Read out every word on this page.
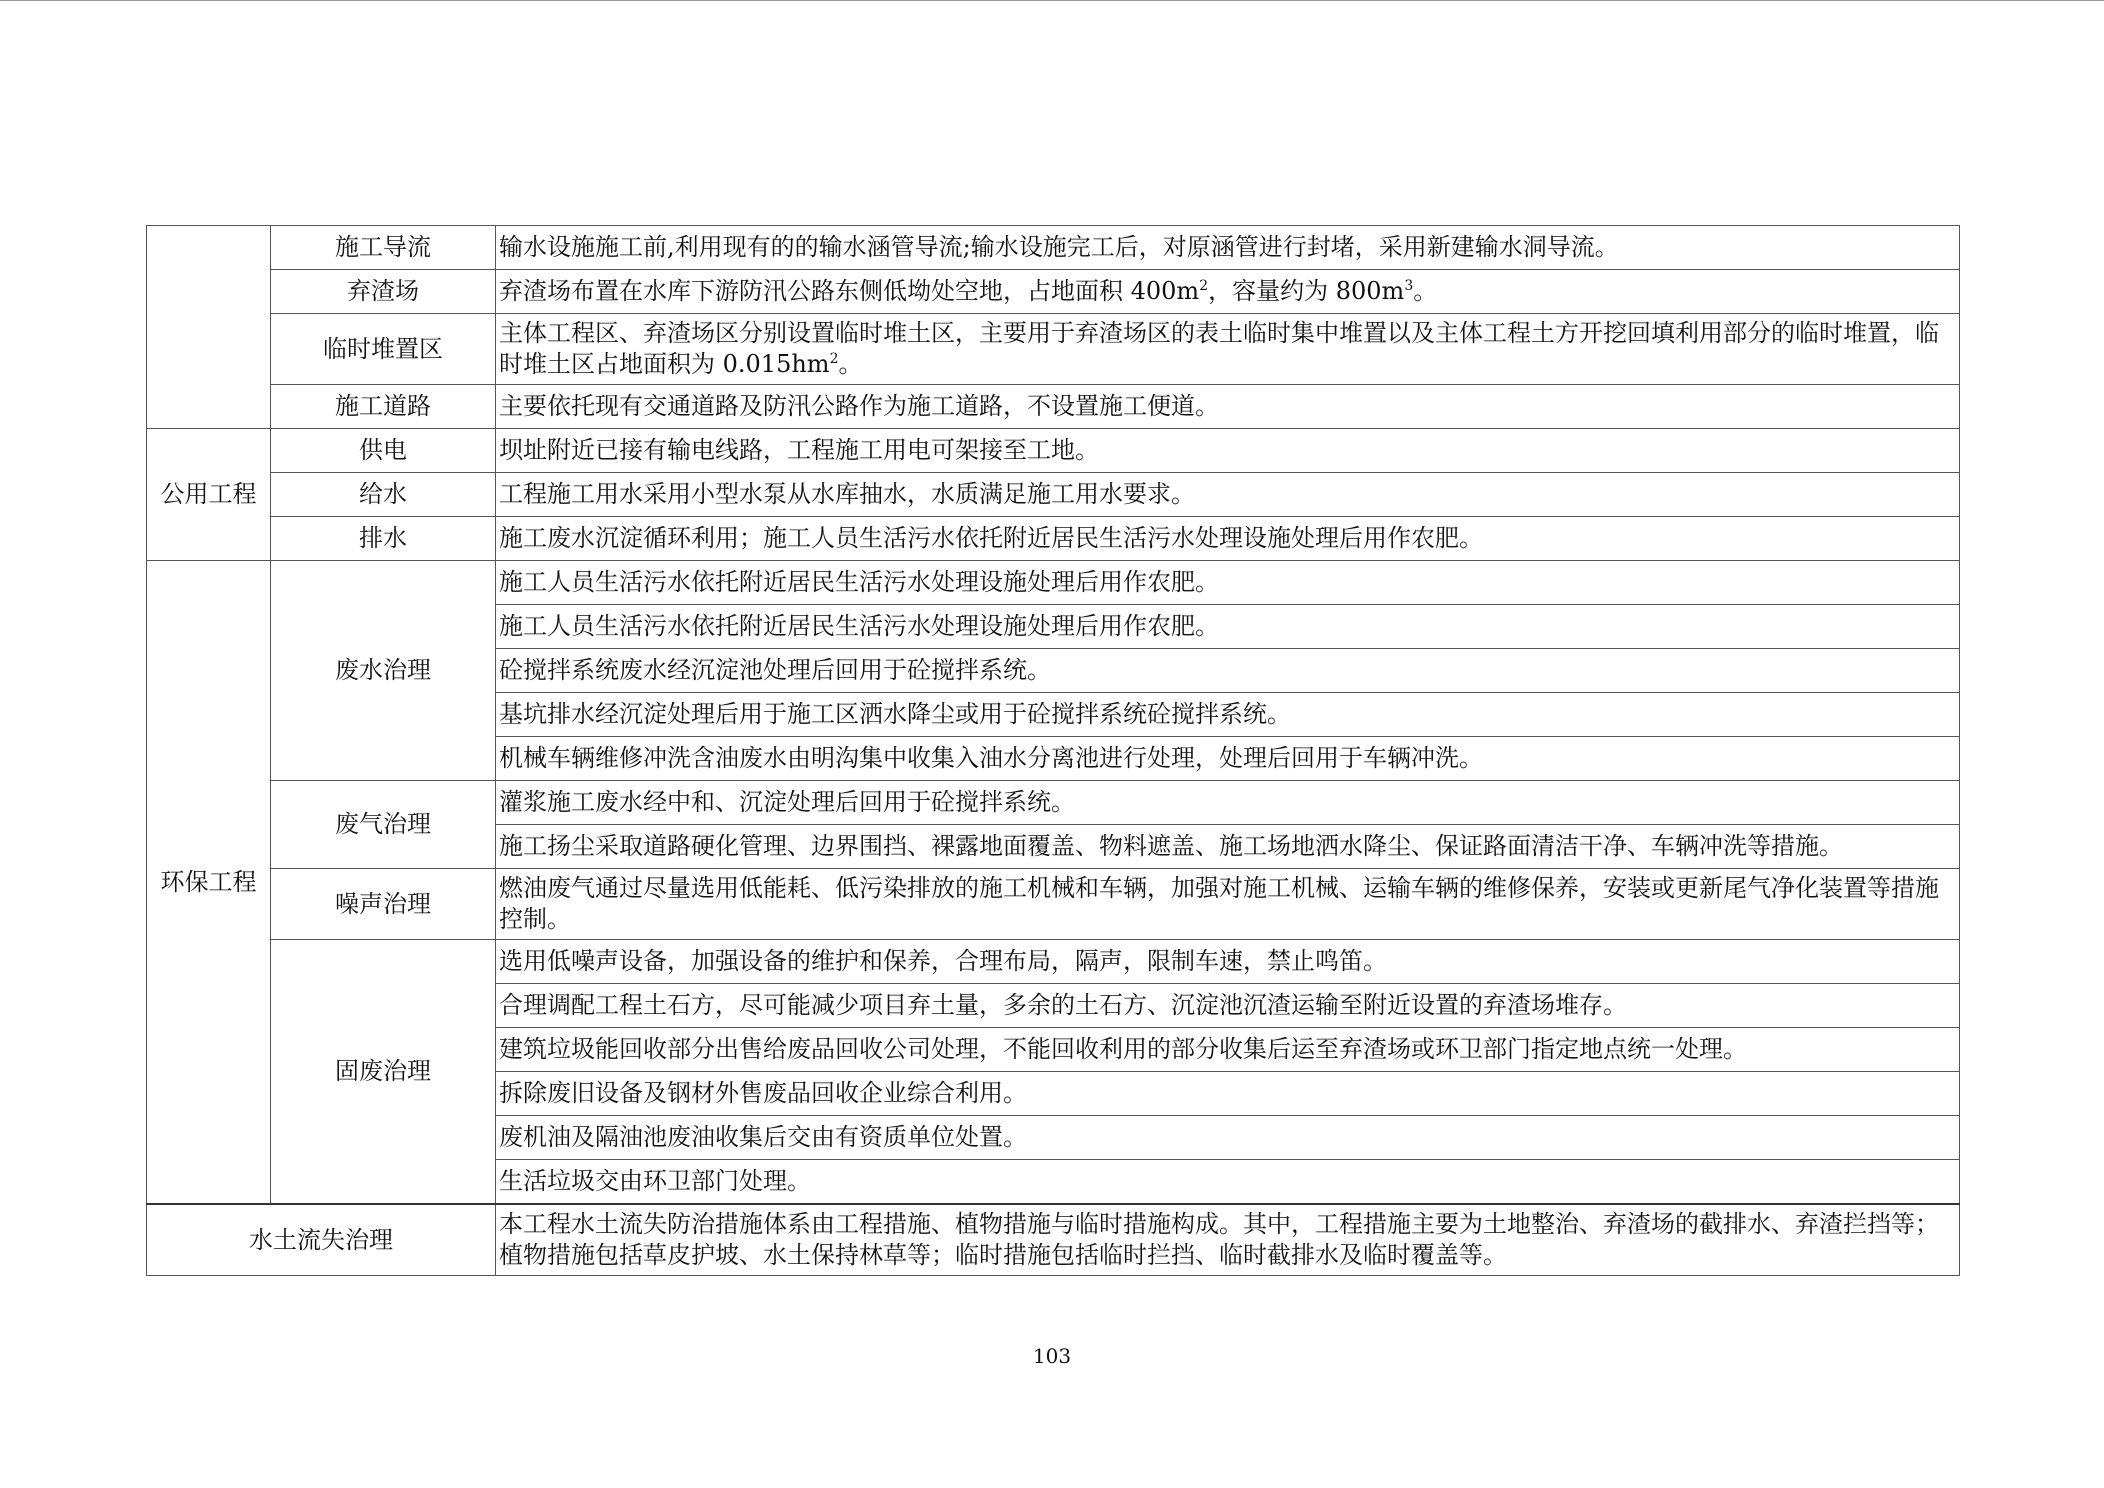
	施工导流	输水设施施工前,利用现有的的输水涵管导流;输水设施完工后，对原涵管进行封堵，采用新建输水洞导流。
	弃渣场	弃渣场布置在水库下游防汛公路东侧低坳处空地，占地面积 $400m^2$，容量约为 $800m^3$。
	临时堆置区	主体工程区、弃渣场区分别设置临时堆土区，主要用于弃渣场区的表土临时集中堆置以及主体工程土方开挖回填利用部分的临时堆置，临时堆土区占地面积为 $0.015hm^2$。
	施工道路	主要依托现有交通道路及防汛公路作为施工道路，不设置施工便道。
公用工程	供电	坝址附近已接有输电线路，工程施工用电可架接至工地。
	给水	工程施工用水采用小型水泵从水库抽水，水质满足施工用水要求。
	排水	施工废水沉淀循环利用；施工人员生活污水依托附近居民生活污水处理设施处理后用作农肥。
环保工程	废水治理	施工人员生活污水依托附近居民生活污水处理设施处理后用作农肥。
		施工人员生活污水依托附近居民生活污水处理设施处理后用作农肥。
		砼搅拌系统废水经沉淀池处理后回用于砼搅拌系统。
		基坑排水经沉淀处理后用于施工区洒水降尘或用于砼搅拌系统砼搅拌系统。
		机械车辆维修冲洗含油废水由明沟集中收集入油水分离池进行处理，处理后回用于车辆冲洗。
	废气治理	灌浆施工废水经中和、沉淀处理后回用于砼搅拌系统。
		施工扬尘采取道路硬化管理、边界围挡、裸露地面覆盖、物料遮盖、施工场地洒水降尘、保证路面清洁干净、车辆冲洗等措施。
	噪声治理	燃油废气通过尽量选用低能耗、低污染排放的施工机械和车辆，加强对施工机械、运输车辆的维修保养，安装或更新尾气净化装置等措施控制。
	固废治理	选用低噪声设备，加强设备的维护和保养，合理布局，隔声，限制车速，禁止鸣笛。
		合理调配工程土石方，尽可能减少项目弃土量，多余的土石方、沉淀池沉渣运输至附近设置的弃渣场堆存。
		建筑垃圾能回收部分出售给废品回收公司处理，不能回收利用的部分收集后运至弃渣场或环卫部门指定地点统一处理。
		拆除废旧设备及钢材外售废品回收企业综合利用。
		废机油及隔油池废油收集后交由有资质单位处置。
		生活垃圾交由环卫部门处理。
水土流失治理		本工程水土流失防治措施体系由工程措施、植物措施与临时措施构成。其中，工程措施主要为土地整治、弃渣场的截排水、弃渣拦挡等；植物措施包括草皮护坡、水土保持林草等；临时措施包括临时拦挡、临时截排水及临时覆盖等。
103
